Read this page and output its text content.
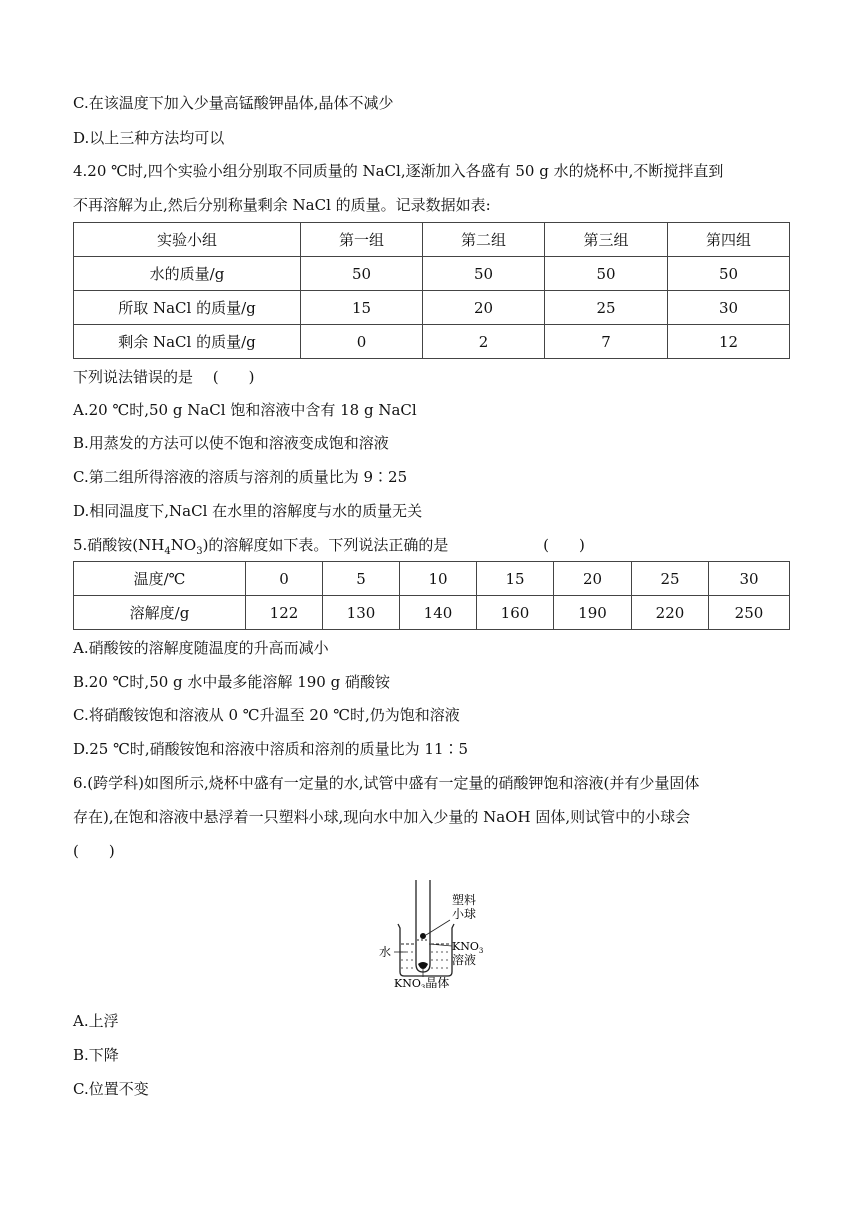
C.在该温度下加入少量高锰酸钾晶体,晶体不减少
D.以上三种方法均可以
4.20 ℃时,四个实验小组分别取不同质量的 NaCl,逐渐加入各盛有 50 g 水的烧杯中,不断搅拌直到
不再溶解为止,然后分别称量剩余 NaCl 的质量。记录数据如表:
实验小组	第一组	第二组	第三组	第四组
水的质量/g	50	50	50	50
所取 NaCl 的质量/g	15	20	25	30
剩余 NaCl 的质量/g	0	2	7	12
下列说法错误的是　 (　　)
A.20 ℃时,50 g NaCl 饱和溶液中含有 18 g NaCl
B.用蒸发的方法可以使不饱和溶液变成饱和溶液
C.第二组所得溶液的溶质与溶剂的质量比为 9∶25
D.相同温度下,NaCl 在水里的溶解度与水的质量无关
5.硝酸铵$(NH_4NO_3)$的溶解度如下表。下列说法正确的是　　　　　　 (　　)
温度/℃	0	5	10	15	20	25	30
溶解度/g	122	130	140	160	190	220	250
A.硝酸铵的溶解度随温度的升高而减小
B.20 ℃时,50 g 水中最多能溶解 190 g 硝酸铵
C.将硝酸铵饱和溶液从 0 ℃升温至 20 ℃时,仍为饱和溶液
D.25 ℃时,硝酸铵饱和溶液中溶质和溶剂的质量比为 11∶5
6.(跨学科)如图所示,烧杯中盛有一定量的水,试管中盛有一定量的硝酸钾饱和溶液(并有少量固体
存在),在饱和溶液中悬浮着一只塑料小球,现向水中加入少量的 NaOH 固体,则试管中的小球会
(　　)
塑料
小球
水	$KNO_3$
溶液
$KNO_3$晶体
A.上浮
B.下降
C.位置不变
